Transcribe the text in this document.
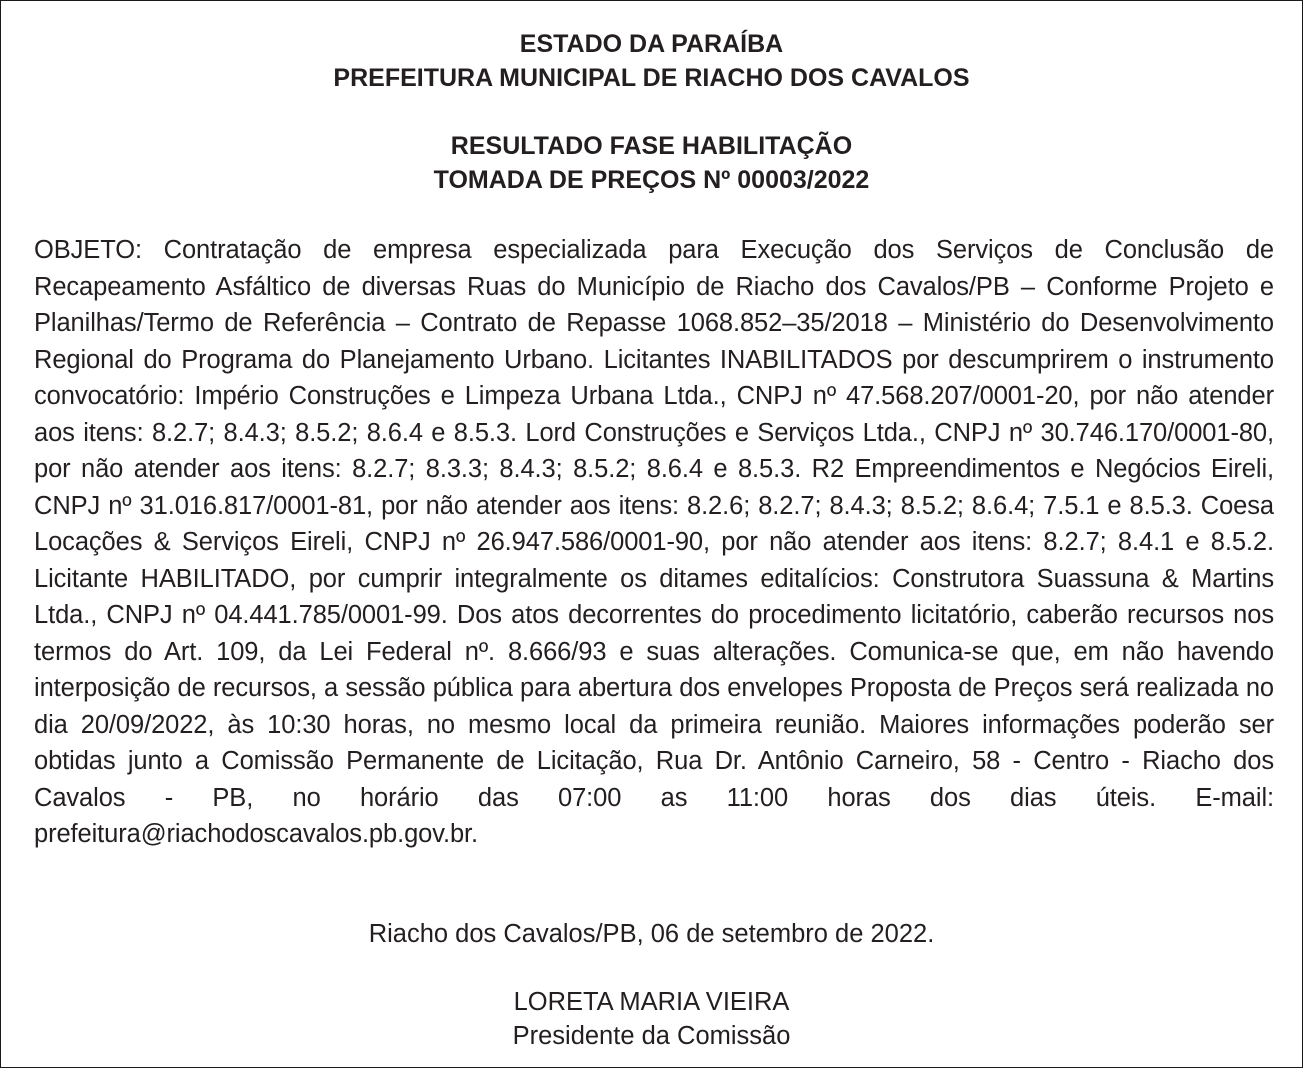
ESTADO DA PARAÍBA
PREFEITURA MUNICIPAL DE RIACHO DOS CAVALOS
RESULTADO FASE HABILITAÇÃO
TOMADA DE PREÇOS Nº 00003/2022

OBJETO: Contratação de empresa especializada para Execução dos Serviços de Conclusão de Recapeamento Asfáltico de diversas Ruas do Município de Riacho dos Cavalos/PB – Conforme Projeto e Planilhas/Termo de Referência – Contrato de Repasse 1068.852–35/2018 – Ministério do Desenvolvimento Regional do Programa do Planejamento Urbano. Licitantes INABILITADOS por descumprirem o instrumento convocatório: Império Construções e Limpeza Urbana Ltda., CNPJ nº 47.568.207/0001-20, por não atender aos itens: 8.2.7; 8.4.3; 8.5.2; 8.6.4 e 8.5.3. Lord Construções e Serviços Ltda., CNPJ nº 30.746.170/0001-80, por não atender aos itens: 8.2.7; 8.3.3; 8.4.3; 8.5.2; 8.6.4 e 8.5.3. R2 Empreendimentos e Negócios Eireli, CNPJ nº 31.016.817/0001-81, por não atender aos itens: 8.2.6; 8.2.7; 8.4.3; 8.5.2; 8.6.4; 7.5.1 e 8.5.3. Coesa Locações & Serviços Eireli, CNPJ nº 26.947.586/0001-90, por não atender aos itens: 8.2.7; 8.4.1 e 8.5.2. Licitante HABILITADO, por cumprir integralmente os ditames editalícios: Construtora Suassuna & Martins Ltda., CNPJ nº 04.441.785/0001-99. Dos atos decorrentes do procedimento licitatório, caberão recursos nos termos do Art. 109, da Lei Federal nº. 8.666/93 e suas alterações. Comunica-se que, em não havendo interposição de recursos, a sessão pública para abertura dos envelopes Proposta de Preços será realizada no dia 20/09/2022, às 10:30 horas, no mesmo local da primeira reunião. Maiores informações poderão ser obtidas junto a Comissão Permanente de Licitação, Rua Dr. Antônio Carneiro, 58 - Centro - Riacho dos Cavalos - PB, no horário das 07:00 as 11:00 horas dos dias úteis. E-mail: prefeitura@riachodoscavalos.pb.gov.br.

Riacho dos Cavalos/PB, 06 de setembro de 2022.
LORETA MARIA VIEIRA
Presidente da Comissão
